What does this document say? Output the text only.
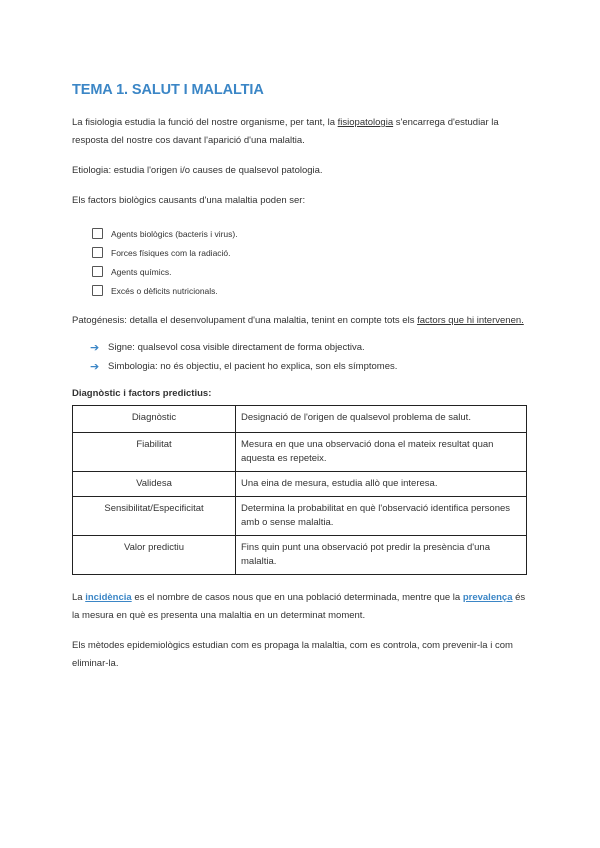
TEMA 1. SALUT I MALALTIA

La fisiologia estudia la funció del nostre organisme, per tant, la fisiopatologia s'encarrega d'estudiar la resposta del nostre cos davant l'aparició d'una malaltia.

Etiologia: estudia l'origen i/o causes de qualsevol patologia.

Els factors biològics causants d'una malaltia poden ser:

Agents biològics (bacteris i virus).
Forces físiques com la radiació.
Agents químics.
Excés o dèficits nutricionals.

Patogénesis: detalla el desenvolupament d'una malaltia, tenint en compte tots els factors que hi intervenen.

➔ Signe: qualsevol cosa visible directament de forma objectiva.
➔ Simbologia: no és objectiu, el pacient ho explica, son els símptomes.
Diagnòstic i factors predictius:
Diagnòstic	Designació de l'origen de qualsevol problema de salut.
Fiabilitat	Mesura en que una observació dona el mateix resultat quan aquesta es repeteix.
Validesa	Una eina de mesura, estudia allò que interesa.
Sensibilitat/Especificitat	Determina la probabilitat en què l'observació identifica persones amb o sense malaltia.
Valor predictiu	Fins quin punt una observació pot predir la presència d'una malaltia.

La incidència es el nombre de casos nous que en una població determinada, mentre que la prevalença és la mesura en què es presenta una malaltia en un determinat moment.

Els mètodes epidemiològics estudian com es propaga la malaltia, com es controla, com prevenir-la i com eliminar-la.
